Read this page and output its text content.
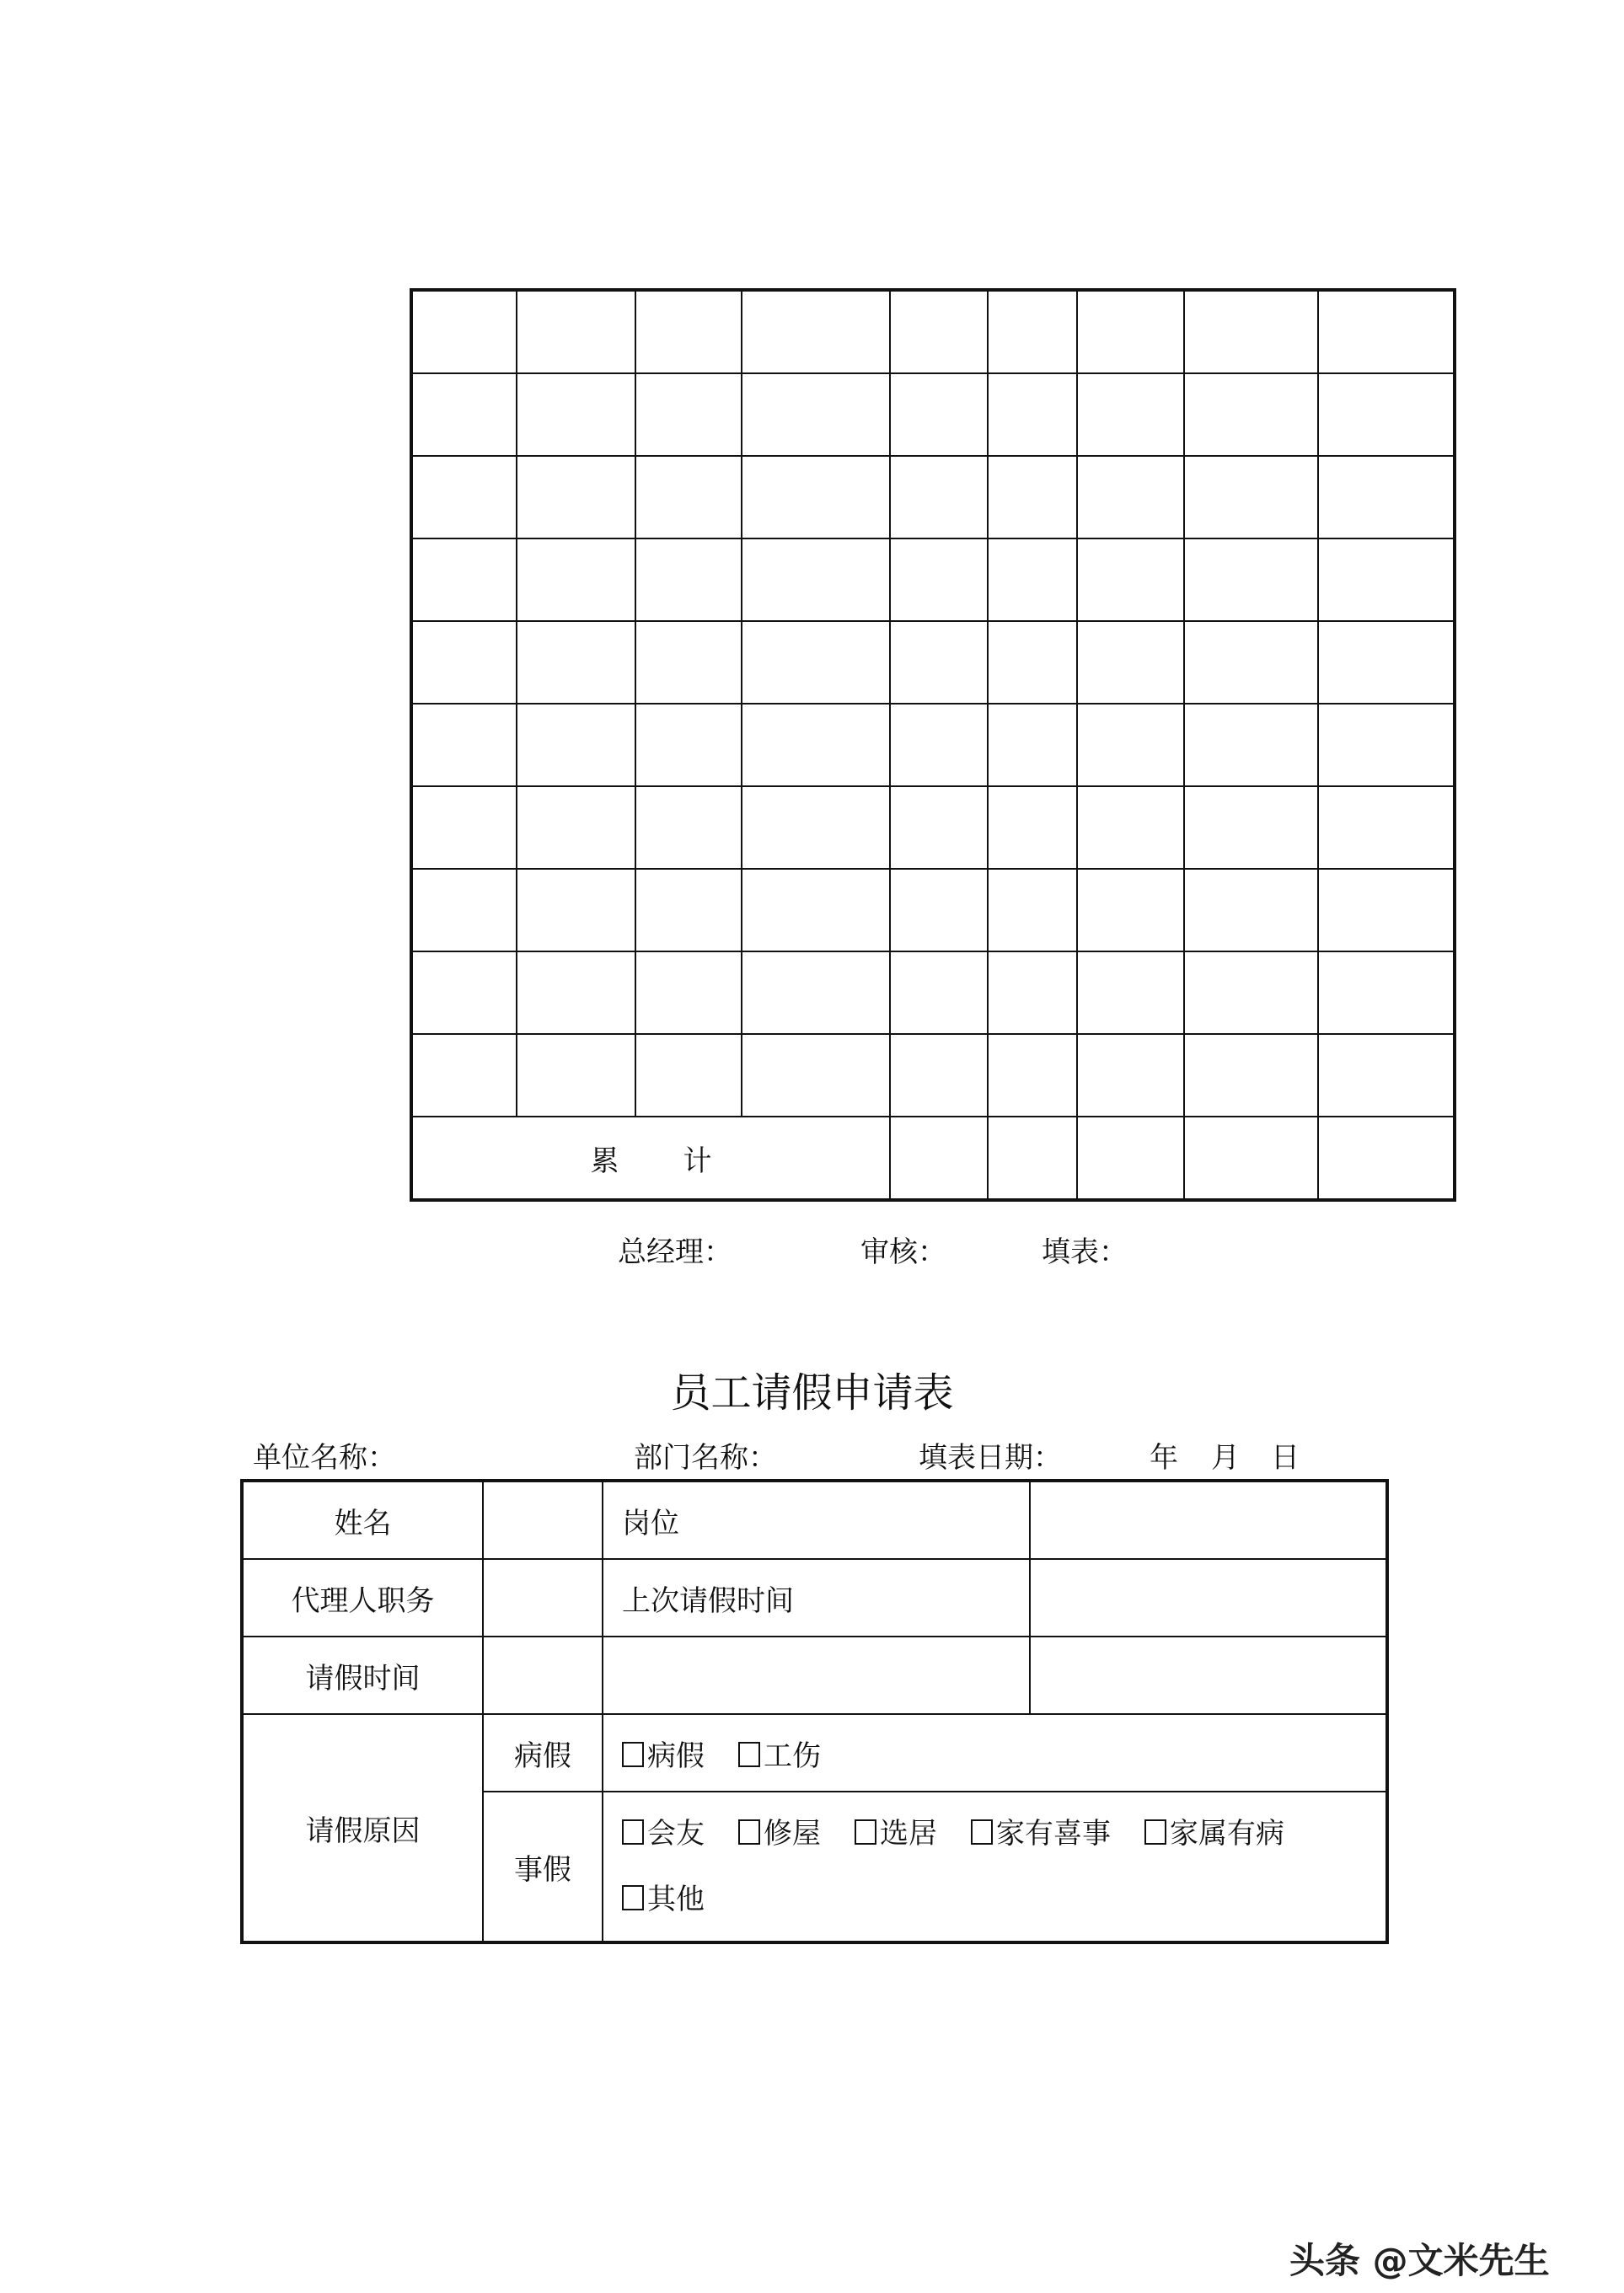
累 计								
总经理：	审核：	填表：
员工请假申请表
单位名称：	部门名称：	填表日期：	年 月 日
姓名		岗位	
代理人职务		上次请假时间	
请假时间			
请假原因	病假	病假 工伤	
	事假	会友 修屋 选居 家有喜事 家属有病
其他	
头条 @文米先生
